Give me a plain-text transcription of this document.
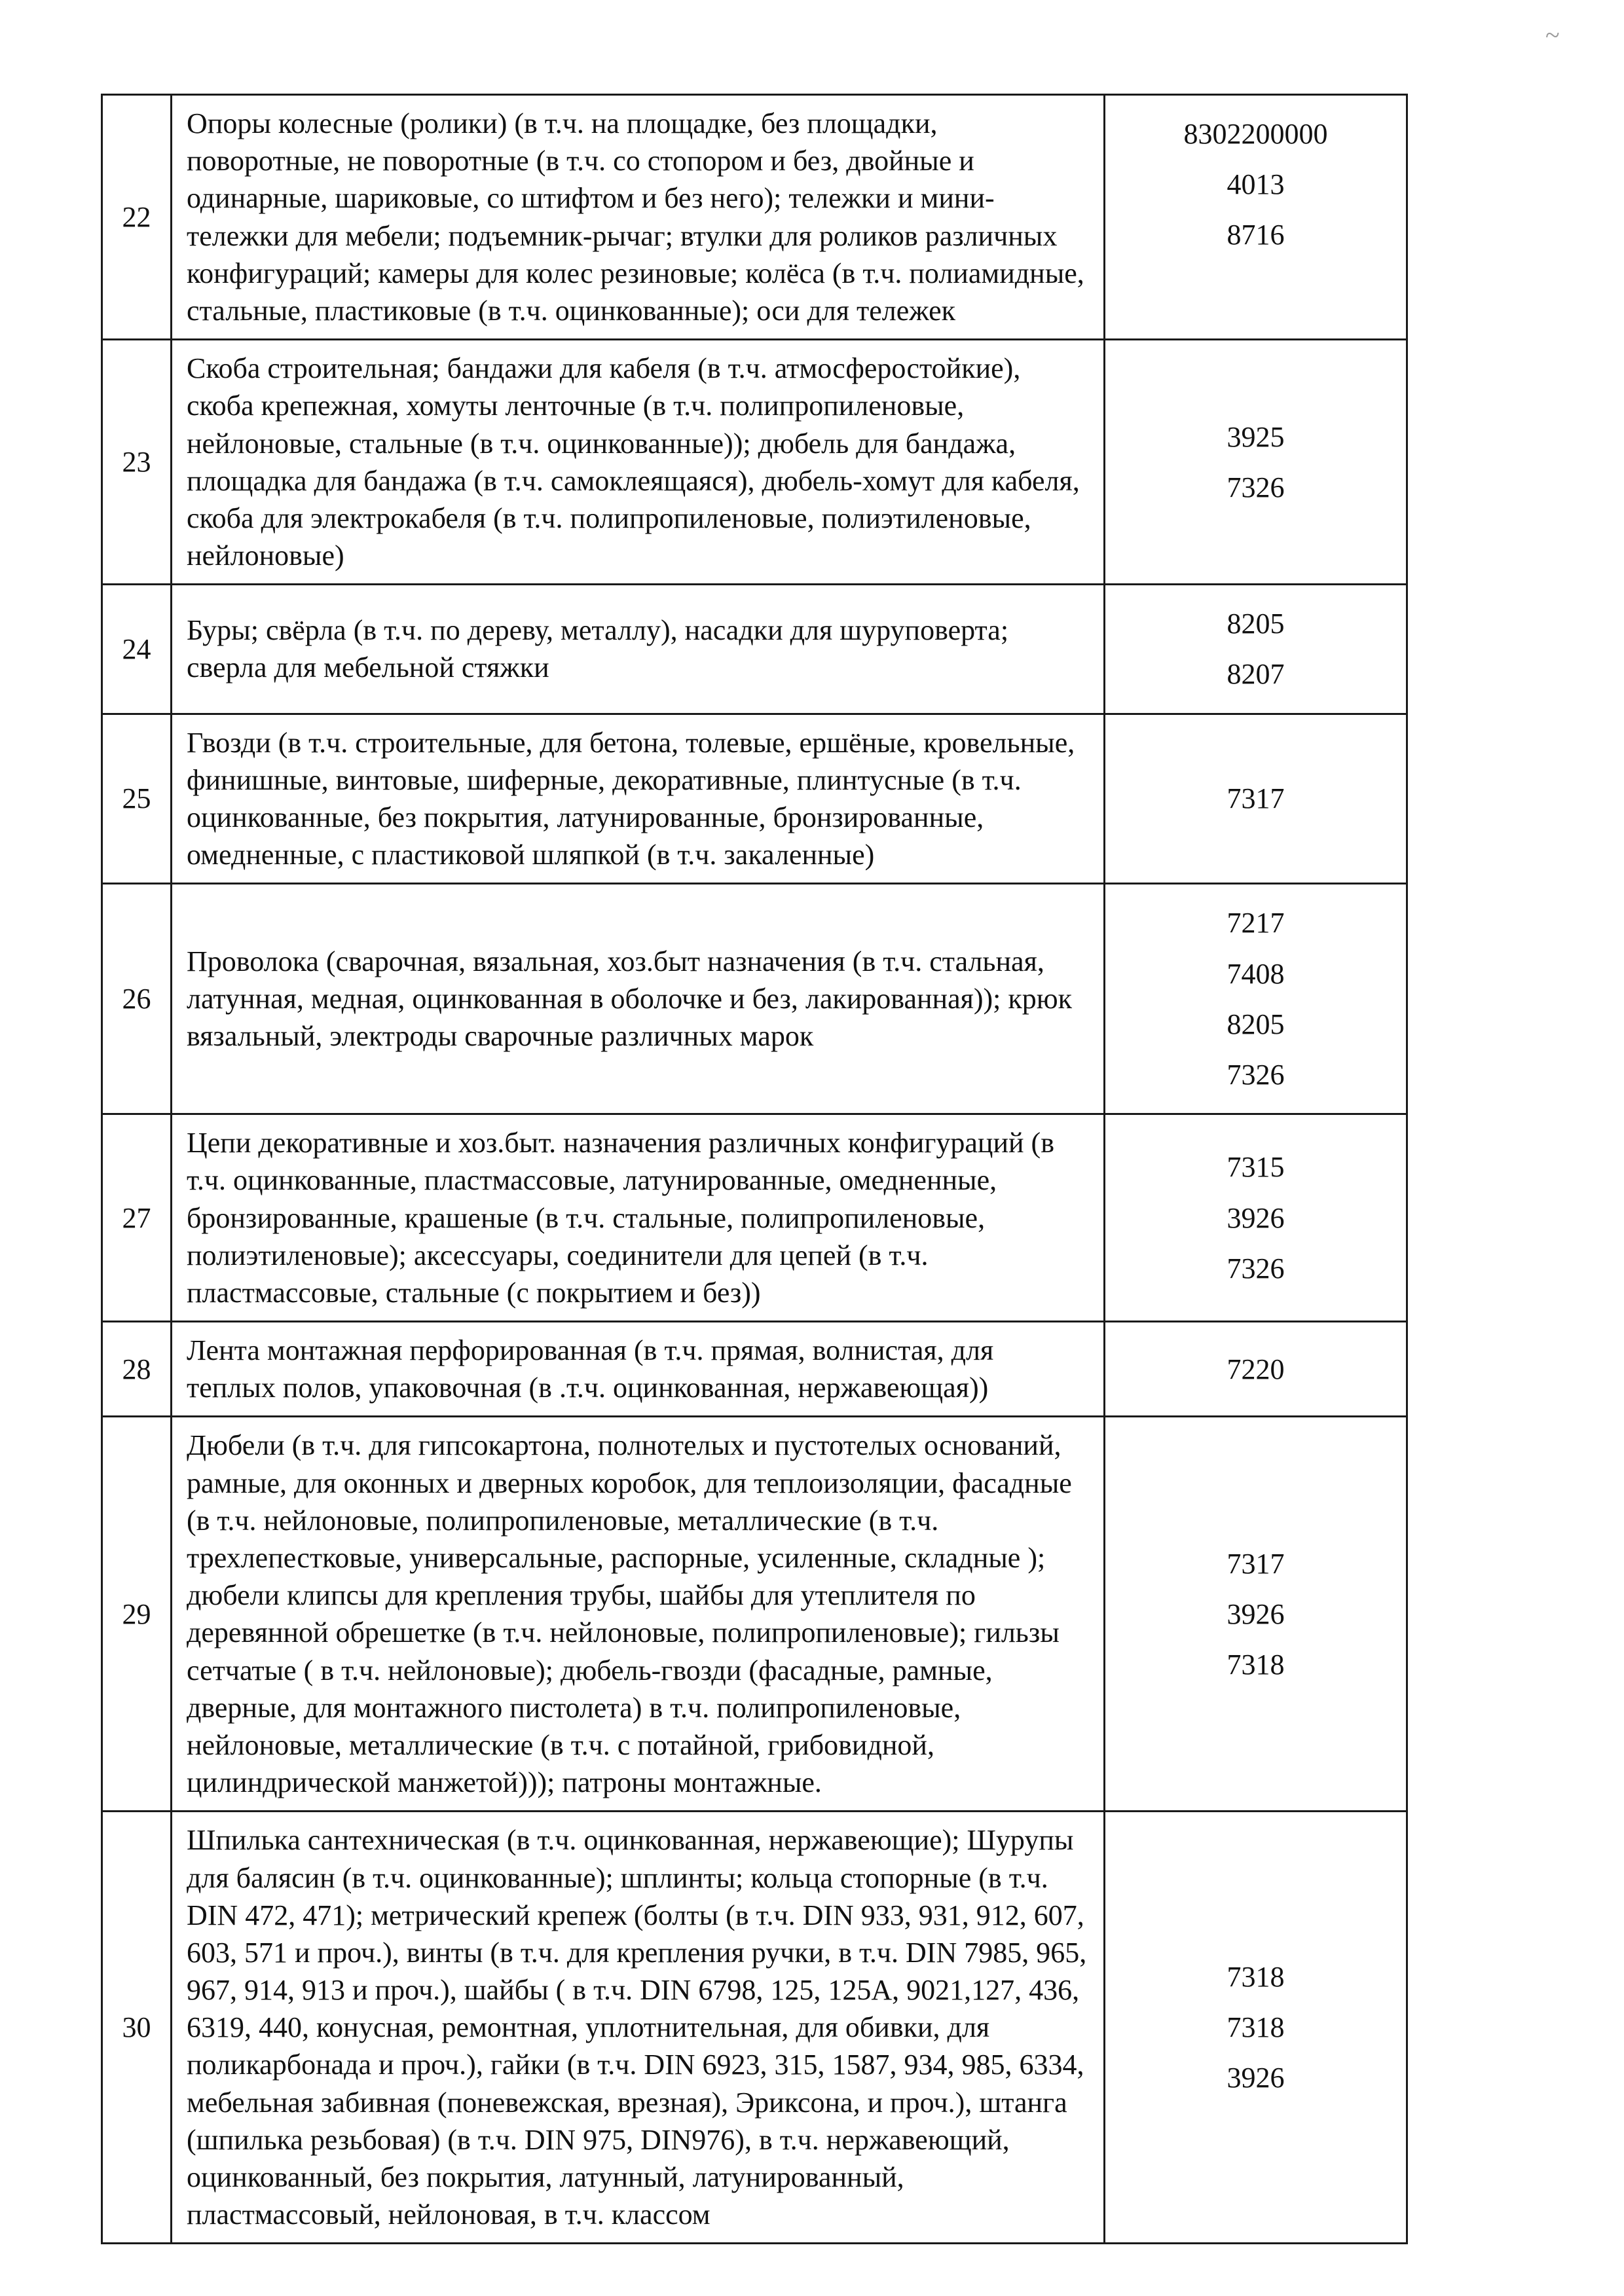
~
22	Опоры колесные (ролики) (в т.ч. на площадке, без площадки, поворотные, не поворотные (в т.ч. со стопором и без, двойные и одинарные, шариковые, со штифтом и без него); тележки и мини-тележки для мебели; подъемник-рычаг; втулки для роликов различных конфигураций; камеры для колес резиновые; колёса (в т.ч. полиамидные, стальные, пластиковые (в т.ч. оцинкованные); оси для тележек	
8302200000
4013
8716

23	Скоба строительная; бандажи для кабеля (в т.ч. атмосферостойкие), скоба крепежная, хомуты ленточные (в т.ч. полипропиленовые, нейлоновые, стальные (в т.ч. оцинкованные)); дюбель для бандажа, площадка для бандажа (в т.ч. самоклеящаяся), дюбель-хомут для кабеля, скоба для электрокабеля (в т.ч. полипропиленовые, полиэтиленовые, нейлоновые)	3925
7326

24	Буры; свёрла (в т.ч. по дереву, металлу), насадки для шуруповерта; сверла для мебельной стяжки	8205
8207

25	Гвозди (в т.ч. строительные, для бетона, толевые, ершёные, кровельные, финишные, винтовые, шиферные, декоративные, плинтусные (в т.ч. оцинкованные, без покрытия, латунированные, бронзированные, омедненные, с пластиковой шляпкой (в т.ч. закаленные)	7317

26	Проволока (сварочная, вязальная, хоз.быт назначения (в т.ч. стальная, латунная, медная, оцинкованная в оболочке и без, лакированная)); крюк вязальный, электроды сварочные различных марок	7217
7408
8205
7326

27	Цепи декоративные и хоз.быт. назначения различных конфигураций (в т.ч. оцинкованные, пластмассовые, латунированные, омедненные, бронзированные, крашеные (в т.ч. стальные, полипропиленовые, полиэтиленовые); аксессуары, соединители для цепей (в т.ч. пластмассовые, стальные (с покрытием и без))	
7315
3926
7326

28	Лента монтажная перфорированная (в т.ч. прямая, волнистая, для теплых полов, упаковочная (в .т.ч. оцинкованная, нержавеющая))	7220

29	Дюбели (в т.ч. для гипсокартона, полнотелых и пустотелых оснований, рамные, для оконных и дверных коробок, для теплоизоляции, фасадные (в т.ч. нейлоновые, полипропиленовые, металлические (в т.ч. трехлепестковые, универсальные, распорные, усиленные, складные ); дюбели клипсы для крепления трубы, шайбы для утеплителя по деревянной обрешетке (в т.ч. нейлоновые, полипропиленовые); гильзы сетчатые ( в т.ч. нейлоновые); дюбель-гвозди (фасадные, рамные, дверные, для монтажного пистолета) в т.ч. полипропиленовые, нейлоновые, металлические (в т.ч. с потайной, грибовидной, цилиндрической манжетой))); патроны монтажные.	
7317
3926
7318

30	Шпилька сантехническая (в т.ч. оцинкованная, нержавеющие); Шурупы для балясин (в т.ч. оцинкованные); шплинты; кольца стопорные (в т.ч. DIN 472, 471); метрический крепеж (болты (в т.ч. DIN 933, 931, 912, 607, 603, 571 и проч.), винты (в т.ч. для крепления ручки, в т.ч. DIN 7985, 965, 967, 914, 913 и проч.), шайбы ( в т.ч. DIN 6798, 125, 125А, 9021,127, 436, 6319, 440, конусная, ремонтная, уплотнительная, для обивки, для поликарбонада и проч.), гайки (в т.ч. DIN 6923, 315, 1587, 934, 985, 6334, мебельная забивная (поневежская, врезная), Эриксона, и проч.), штанга (шпилька резьбовая) (в т.ч. DIN 975, DIN976), в т.ч. нержавеющий, оцинкованный, без покрытия, латунный, латунированный, пластмассовый, нейлоновая, в т.ч. классом	
7318
7318
3926
